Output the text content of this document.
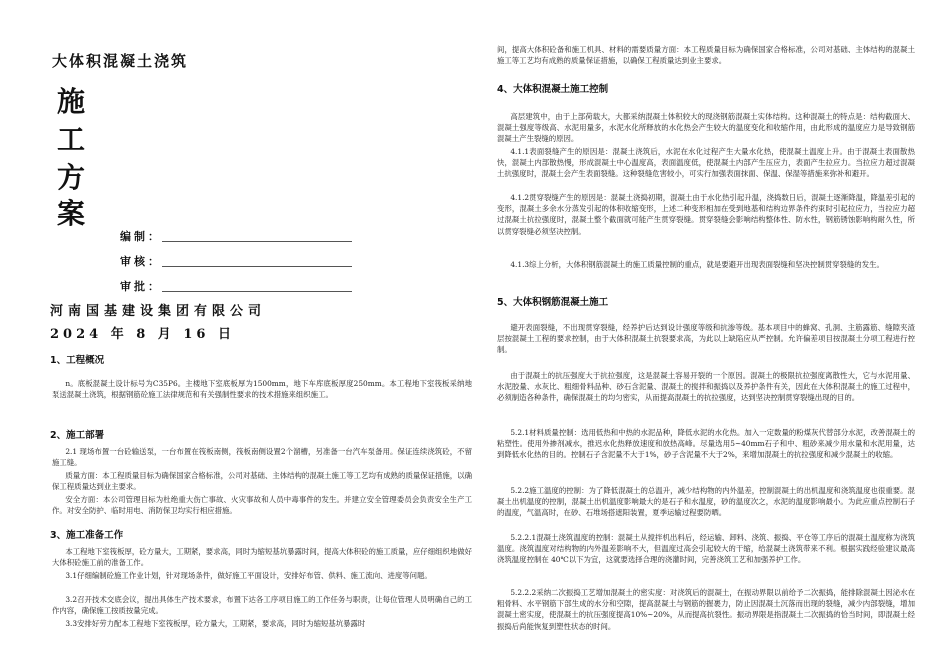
大体积混凝土浇筑
施
工
方
案
编制：
审核：
审批：
河南国基建设集团有限公司
2024 年 8 月 16 日
1、工程概况
n。底板混凝土设计标号为C35P6。主楼地下室底板厚为1500mm，地下车库底板厚度250mm。本工程地下室筏板采纳地泵送混凝土浇筑，根据钢筋砼施工法律规范和有关强制性要求的技术措施来组织施工。
2、施工部署
2.1 现场布置一台砼输送泵，一台布置在筏板南侧，筏板南侧设置2个溜槽，另准备一台汽车泵备用。保证连续浇筑砼，不留施工缝。
质量方面：本工程质量目标为确保国家合格标准，公司对基础、主体结构的混凝土施工等工艺均有成熟的质量保证措施，以确保工程质量达到业主要求。
安全方面：本公司管理目标为杜绝重大伤亡事故、火灾事故和人员中毒事件的发生。并建立安全管理委员会负责安全生产工作。对安全防护、临时用电、消防保卫均实行相应措施。
3、施工准备工作
本工程地下室筏板厚，砼方量大，工期紧，要求高，同时为缩短基坑暴露时间，提高大体积砼的施工质量，应仔细组织地做好大体积砼施工前的准备工作。
3.1仔细编制砼施工作业计划，针对现场条件，做好施工平面设计，安排好布管、供料、施工流向、进度等问题。
3.2召开技术交底会议，提出具体生产技术要求，布置下达各工序项目施工的工作任务与职责，让每位管理人员明确自己的工作内容，确保施工按质按量完成。
3.3安排好劳力配本工程地下室筏板厚，砼方量大，工期紧，要求高，同时为缩短基坑暴露时
间，提高大体积砼备和施工机具、材料的需要质量方面：本工程质量目标为确保国家合格标准，公司对基础、主体结构的混凝土施工等工艺均有成熟的质量保证措施，以确保工程质量达到业主要求。
4、大体积混凝土施工控制
高层建筑中，由于上部荷载大，大都采纳混凝土体积较大的现浇钢筋混凝土实体结构。这种混凝土的特点是：结构截面大、混凝土强度等级高、水泥用量多，水泥水化所释放的水化热会产生较大的温度变化和收缩作用，由此形成的温度应力是导致钢筋混凝土产生裂缝的原因。
4.1.1表面裂缝产生的原因是：混凝土浇筑后，水泥在水化过程产生大量水化热，使混凝土温度上升。由于混凝土表面散热快，混凝土内部散热慢，形成混凝土中心温度高，表面温度低，使混凝土内部产生压应力，表面产生拉应力。当拉应力超过混凝土抗强度时，混凝土会产生表面裂缝。这种裂缝危害较小，可实行加强表面抹面、保温、保湿等措施来弥补和避开。
4.1.2贯穿裂缝产生的原因是：混凝土浇捣初期，混凝土由于水化热引起升温，浇捣数日后，混凝土逐渐降温，降温差引起的变形，混凝土多余水分蒸发引起的体积收缩变形，上述二种变形相加在受到地基和结构边界条件约束时引起拉应力，当拉应力超过混凝土抗拉强度时，混凝土整个截面就可能产生贯穿裂缝。贯穿裂缝会影响结构整体性、防水性，钢筋锈蚀影响构耐久性，所以贯穿裂缝必须坚决控制。
4.1.3综上分析，大体积钢筋混凝土的施工质量控制的重点，就是要避开出现表面裂缝和坚决控制贯穿裂缝的发生。
5、大体积钢筋混凝土施工
避开表面裂缝，不出现贯穿裂缝，经养护后达到设计强度等级和抗渗等级。基本项目中的蜂窝、孔洞、主筋露筋、缝隙夹渣层按混凝土工程的要求控制，由于大体积混凝土抗裂要求高，为此以上缺陷应从严控制。允许偏差项目按混凝土分项工程进行控制。
由于混凝土的抗压强度大于抗拉强度，这是混凝土容易开裂的一个原因。混凝土的极限抗拉强度离散性大，它与水泥用量、水泥胶量、水灰比、粗细骨料品种、砂石含泥量、混凝土的搅拌和振捣以及养护条件有关，因此在大体积混凝土的施工过程中，必须制造各种条件，确保混凝土的均匀密实，从而提高混凝土的抗拉强度，达到坚决控制贯穿裂缝出现的目的。
5.2.1材料质量控制：选用低热和中热的水泥品种，降低水泥的水化热。加入一定数量的粉煤灰代替部分水泥，改善混凝土的粘塑性。使用外掺剂减水，推迟水化热释放速度和放热高峰。尽量选用5~40mm石子和中、粗砂来减少用水量和水泥用量，达到降低水化热的目的。控制石子含泥量不大于1%，砂子含泥量不大于2%，来增加混凝土的抗拉强度和减少混凝土的收缩。
5.2.2施工温度的控制：为了降低混凝土的总温升，减少结构物的内外温差，控制混凝土的出机温度和浇筑温度也很重要。混凝土出机温度的控制，混凝土出机温度影响最大的是石子和水温度，砂的温度次之，水泥的温度影响最小。为此应重点控制石子的温度，气温高时，在砂、石堆场搭遮阳装置，夏季运输过程要防晒。
5.2.2.1混凝土浇筑温度的控制：混凝土从搅拌机出料后，经运输、卸料、浇筑、振捣、平仓等工序后的混凝土温度称为浇筑温度。浇筑温度对结构物的内外温差影响不大，但温度过高会引起较大的干缩，给混凝土浇筑带来不利。根据实践经验建议最高浇筑温度控制在 40℃以下为宜，这就要选择合理的浇灌时间，完善浇筑工艺和加强养护工作。
5.2.2.2采纳二次振捣工艺增加混凝土的密实度：对浇筑后的混凝土，在振动界限以前给予二次振捣，能排除混凝土因泌水在粗骨料、水平钢筋下部生成的水分和空隙，提高混凝土与钢筋的握裹力，防止因混凝土沉落而出现的裂缝，减少内部裂缝，增加混凝土密实度，使混凝土的抗压强度提高10%~20%，从而提高抗裂性。振动界限是指混凝土二次振捣的恰当时间，即混凝土经振捣后尚能恢复到塑性状态的时间。
